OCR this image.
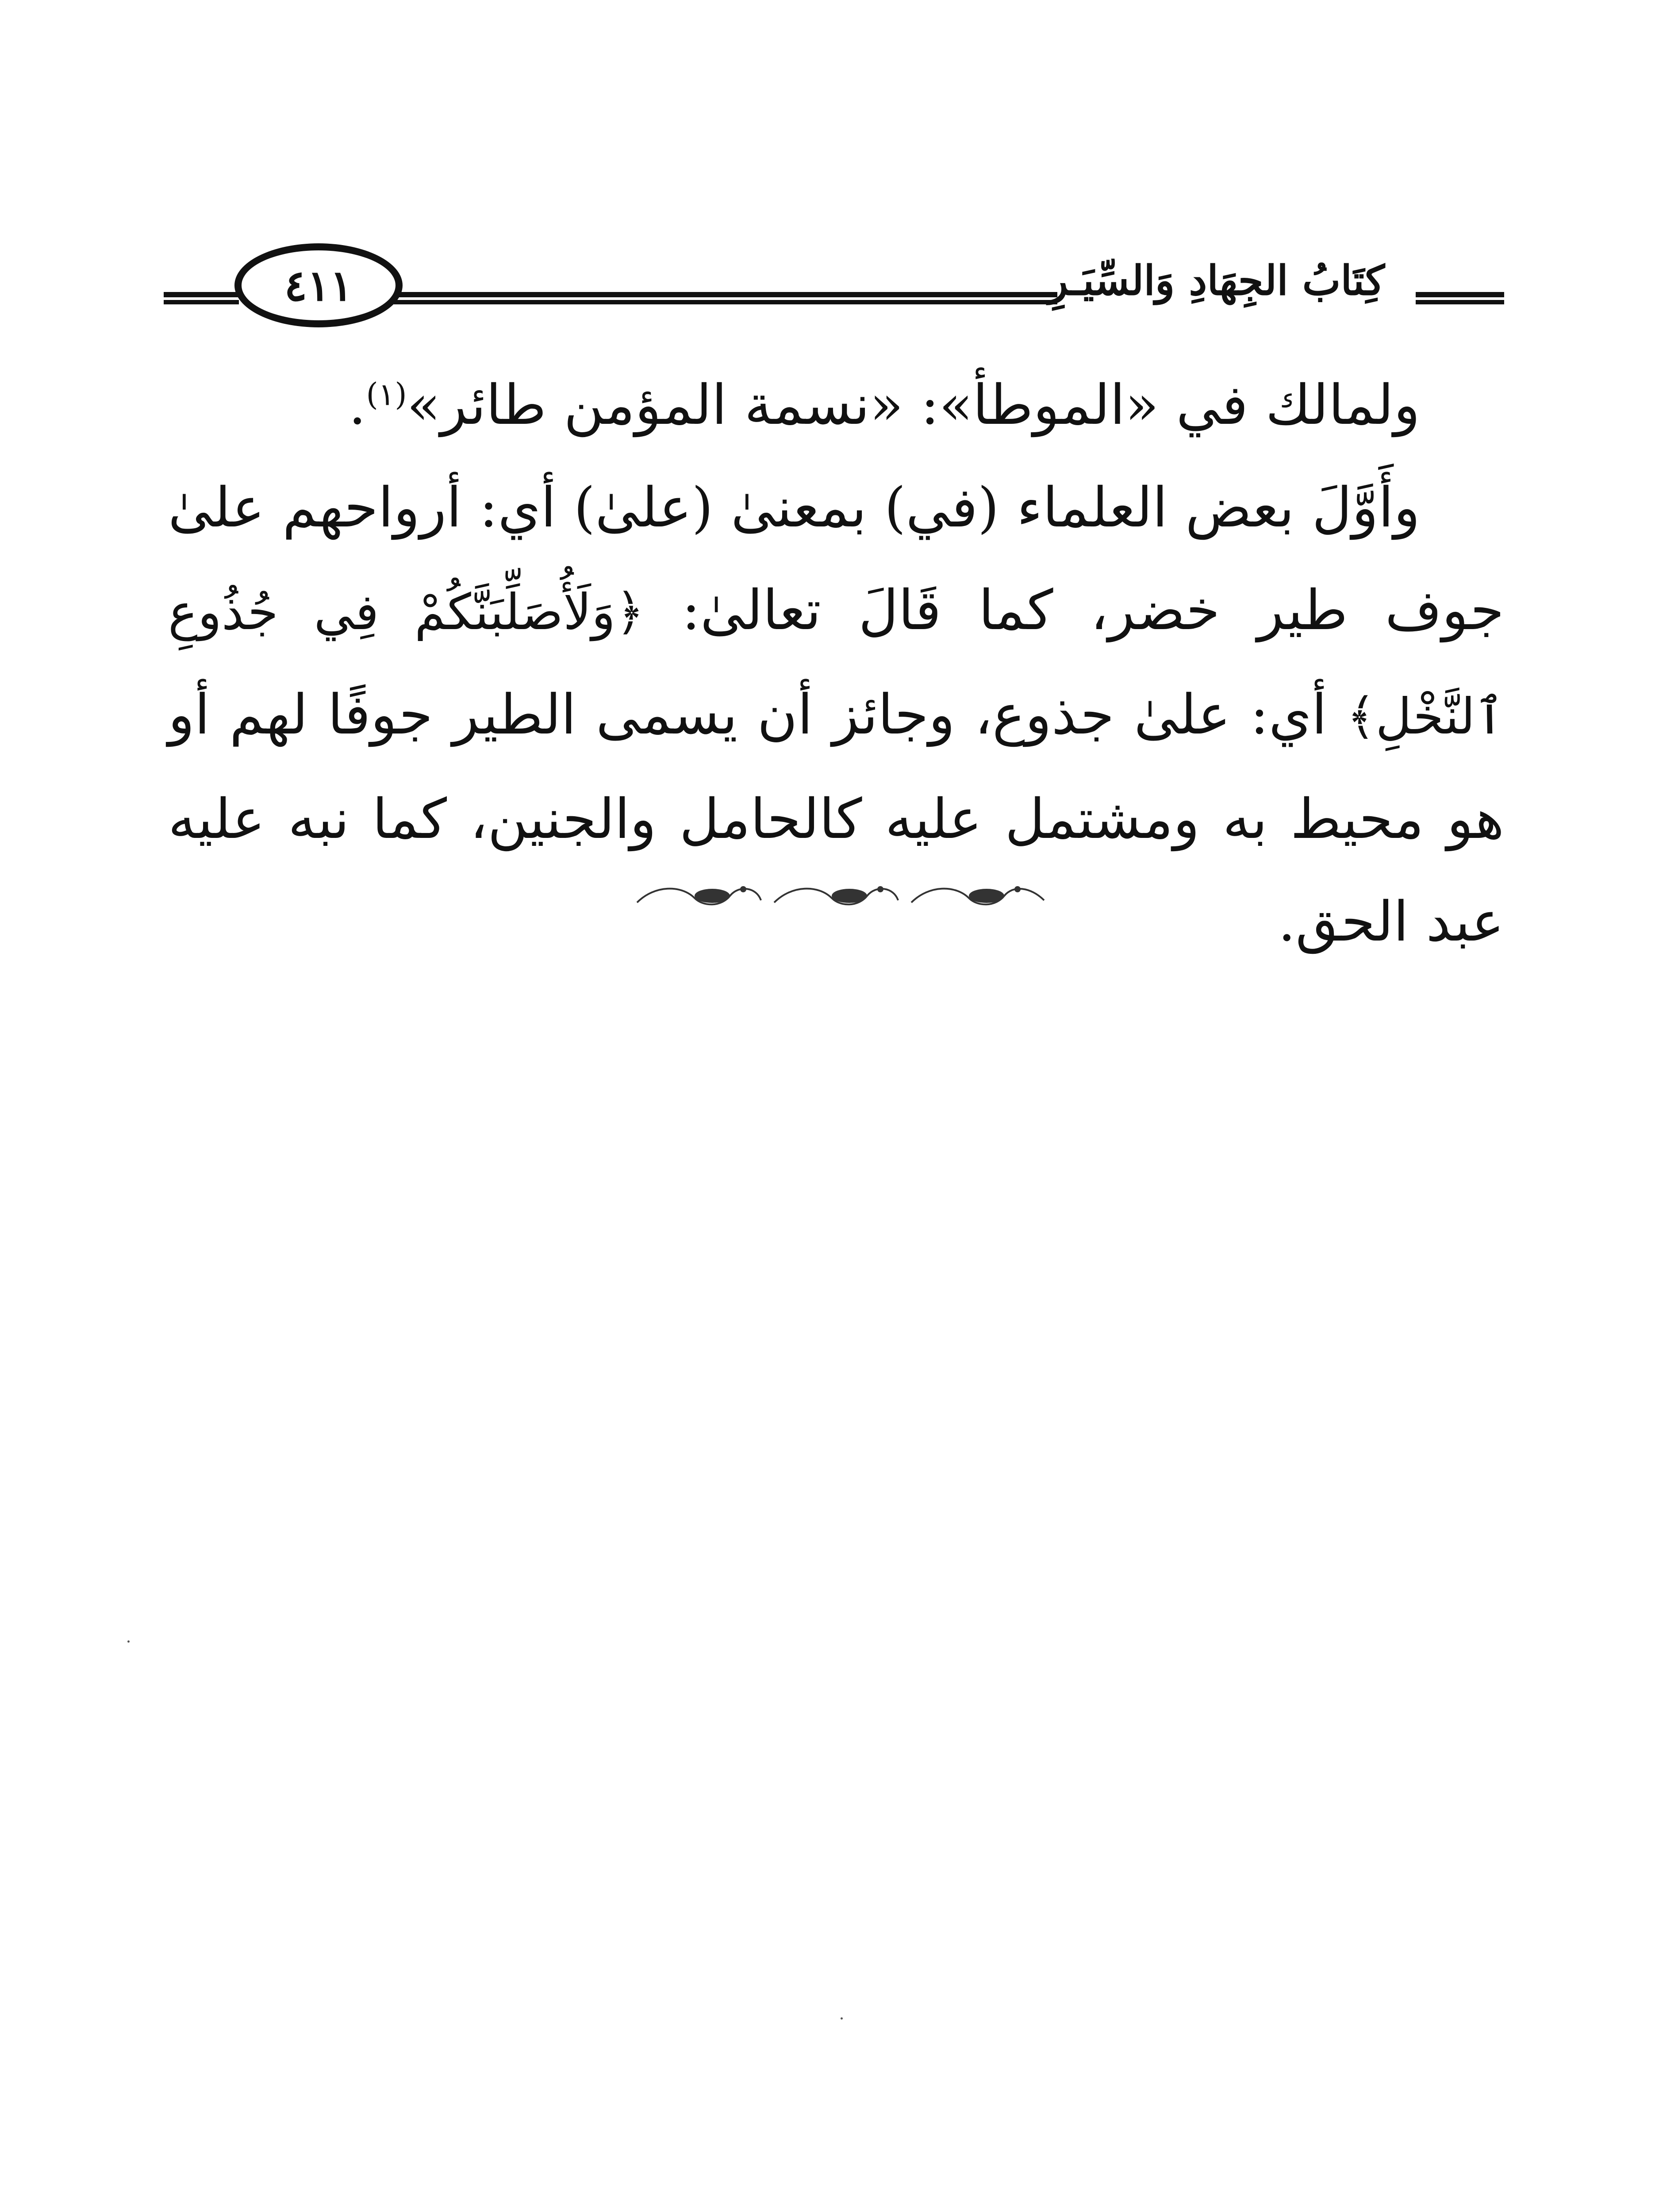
كِتَابُ الجِهَادِ وَالسِّيَـرِ
٤١١

ولمالك في «الموطأ»: «نسمة المؤمن طائر»$^{(١)}$.

وأَوَّلَ بعض العلماء (في) بمعنىٰ (علىٰ) أي: أرواحهم علىٰ جوف طير خضر، كما قَالَ تعالىٰ: ﴿وَلَأُصَلِّبَنَّكُمْ فِي جُذُوعِ ٱلنَّخْلِ﴾ أي: علىٰ جذوع، وجائز أن يسمى الطير جوفًا لهم أو هو محيط به ومشتمل عليه كالحامل والجنين، كما نبه عليه عبد الحق.
